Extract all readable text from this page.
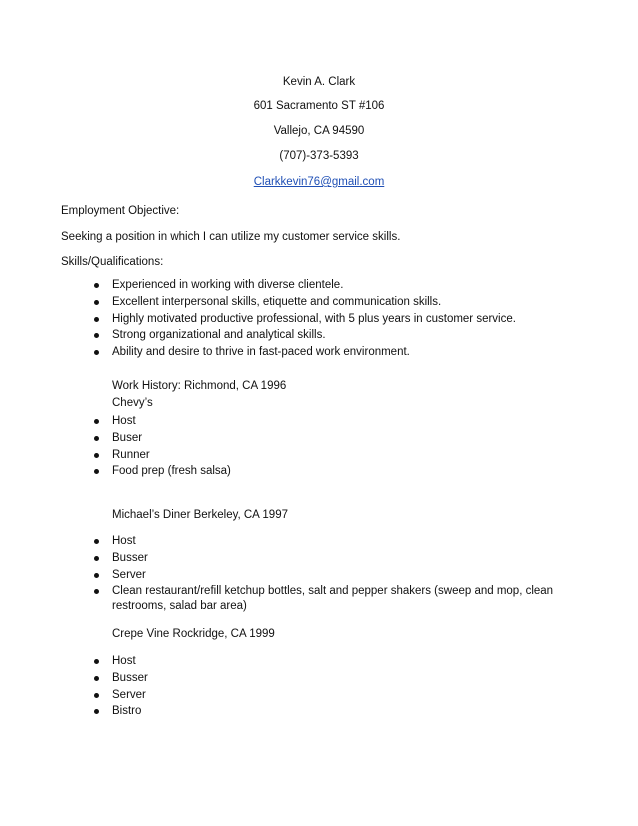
Kevin A. Clark
601 Sacramento ST #106
Vallejo, CA 94590
(707)-373-5393
Clarkkevin76@gmail.com
Employment Objective:
Seeking a position in which I can utilize my customer service skills.
Skills/Qualifications:
Experienced in working with diverse clientele.
Excellent interpersonal skills, etiquette and communication skills.
Highly motivated productive professional, with 5 plus years in customer service.
Strong organizational and analytical skills.
Ability and desire to thrive in fast-paced work environment.
Work History: Richmond, CA 1996
Chevy’s
Host
Buser
Runner
Food prep (fresh salsa)
Michael’s Diner Berkeley, CA 1997
Host
Busser
Server
Clean restaurant/refill ketchup bottles, salt and pepper shakers (sweep and mop, clean
restrooms, salad bar area)
Crepe Vine Rockridge, CA 1999
Host
Busser
Server
Bistro
